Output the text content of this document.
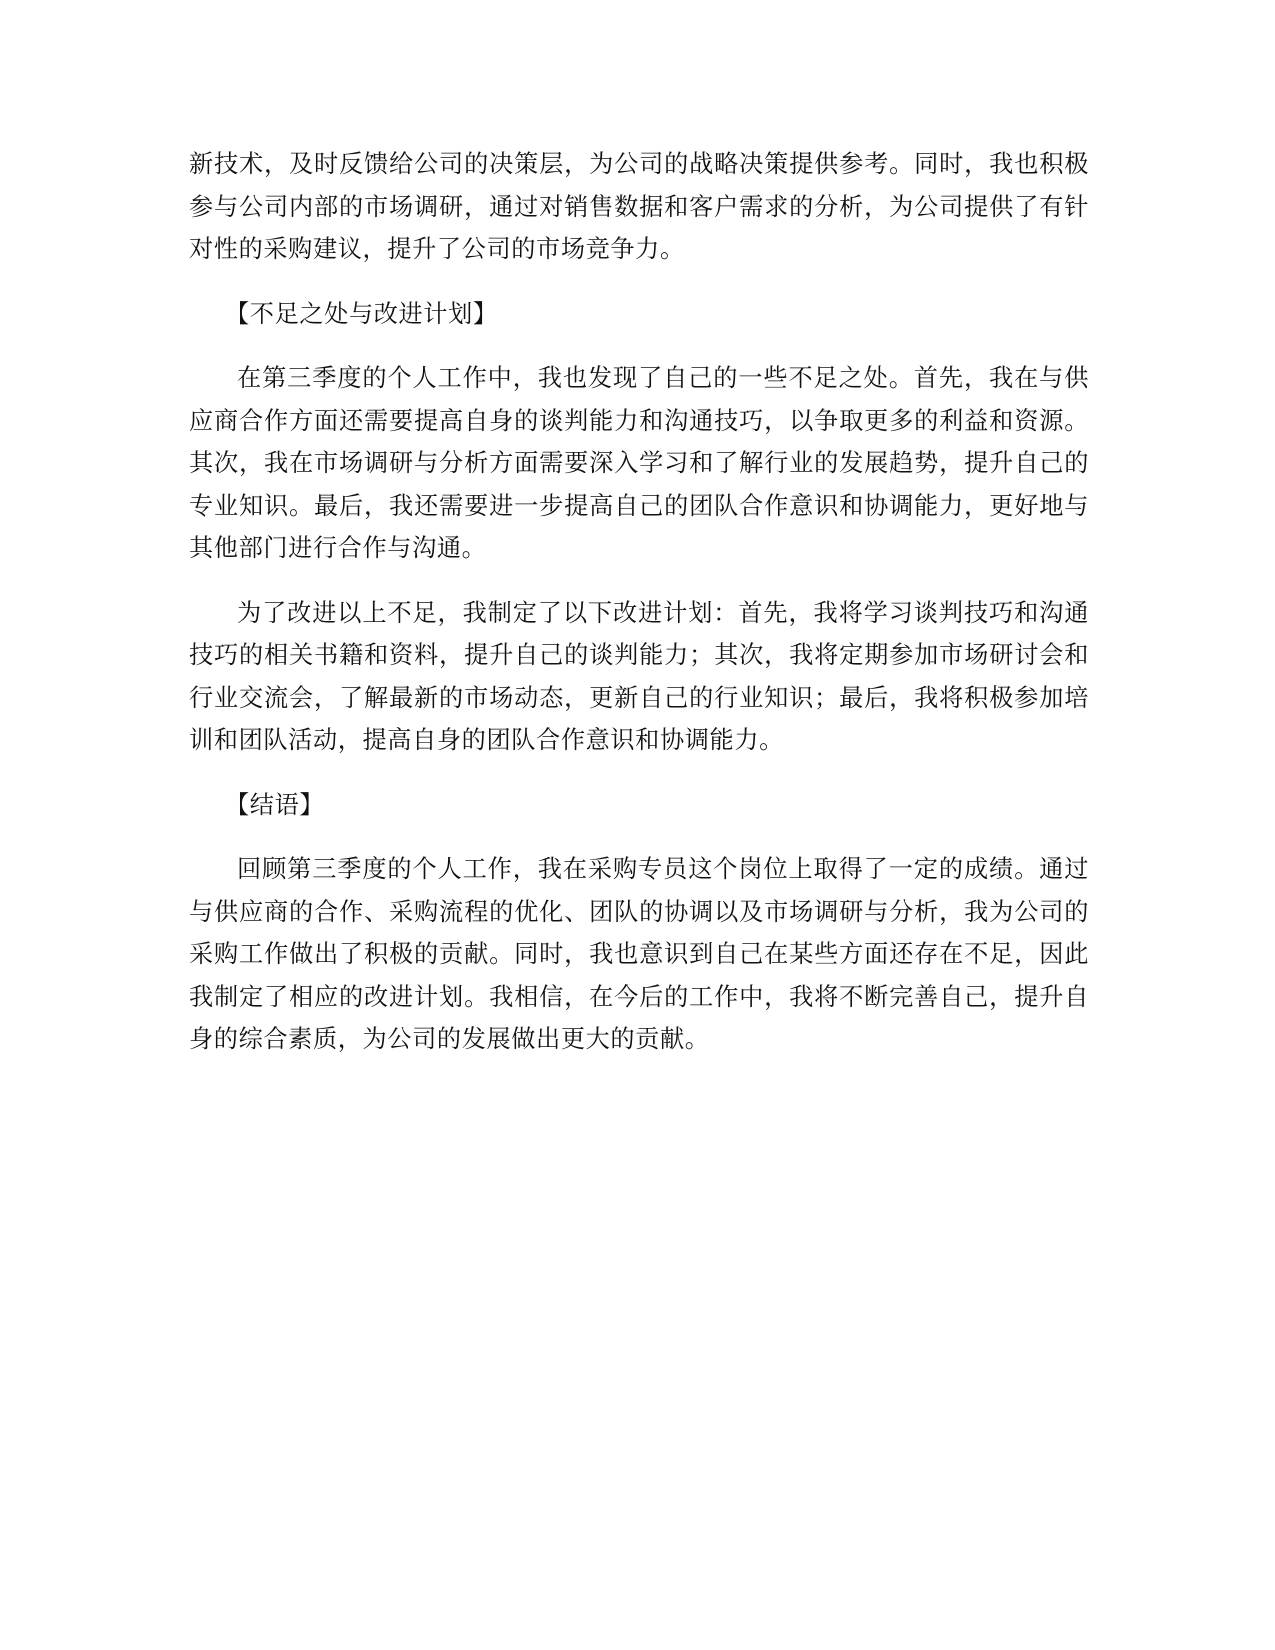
新技术，及时反馈给公司的决策层，为公司的战略决策提供参考。同时，我也积极参与公司内部的市场调研，通过对销售数据和客户需求的分析，为公司提供了有针对性的采购建议，提升了公司的市场竞争力。

【不足之处与改进计划】

在第三季度的个人工作中，我也发现了自己的一些不足之处。首先，我在与供应商合作方面还需要提高自身的谈判能力和沟通技巧，以争取更多的利益和资源。其次，我在市场调研与分析方面需要深入学习和了解行业的发展趋势，提升自己的专业知识。最后，我还需要进一步提高自己的团队合作意识和协调能力，更好地与其他部门进行合作与沟通。

为了改进以上不足，我制定了以下改进计划：首先，我将学习谈判技巧和沟通技巧的相关书籍和资料，提升自己的谈判能力；其次，我将定期参加市场研讨会和行业交流会，了解最新的市场动态，更新自己的行业知识；最后，我将积极参加培训和团队活动，提高自身的团队合作意识和协调能力。

【结语】

回顾第三季度的个人工作，我在采购专员这个岗位上取得了一定的成绩。通过与供应商的合作、采购流程的优化、团队的协调以及市场调研与分析，我为公司的采购工作做出了积极的贡献。同时，我也意识到自己在某些方面还存在不足，因此我制定了相应的改进计划。我相信，在今后的工作中，我将不断完善自己，提升自身的综合素质，为公司的发展做出更大的贡献。
